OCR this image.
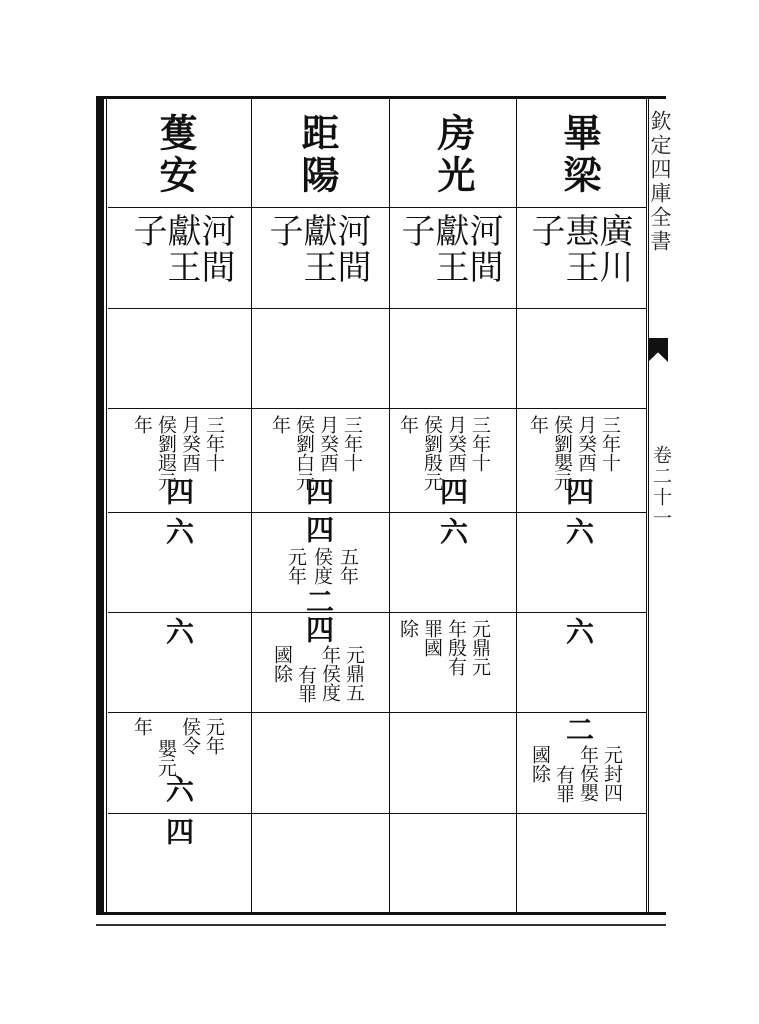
欽定四庫全書
卷二十一
蒦安
河間
獻王
子
三年十
月癸酉
侯劉
遐元
年
四
六
六
元年
侯令
嬰元
年
六
四
距陽
河間
獻王
子
三年十
月癸酉
侯劉
白元
年
四
四
五年
侯度
元年
二
四
元鼎五
年侯度
有罪
國除
房光
河間
獻王
子
三年十
月癸酉
侯劉
殷元
年
四
六
元鼎元
年殷有
罪國
除
畢梁
廣川
惠王
子
三年十
月癸酉
侯劉
嬰元
年
四
六
六
二
元封四
年侯嬰
有罪
國除
